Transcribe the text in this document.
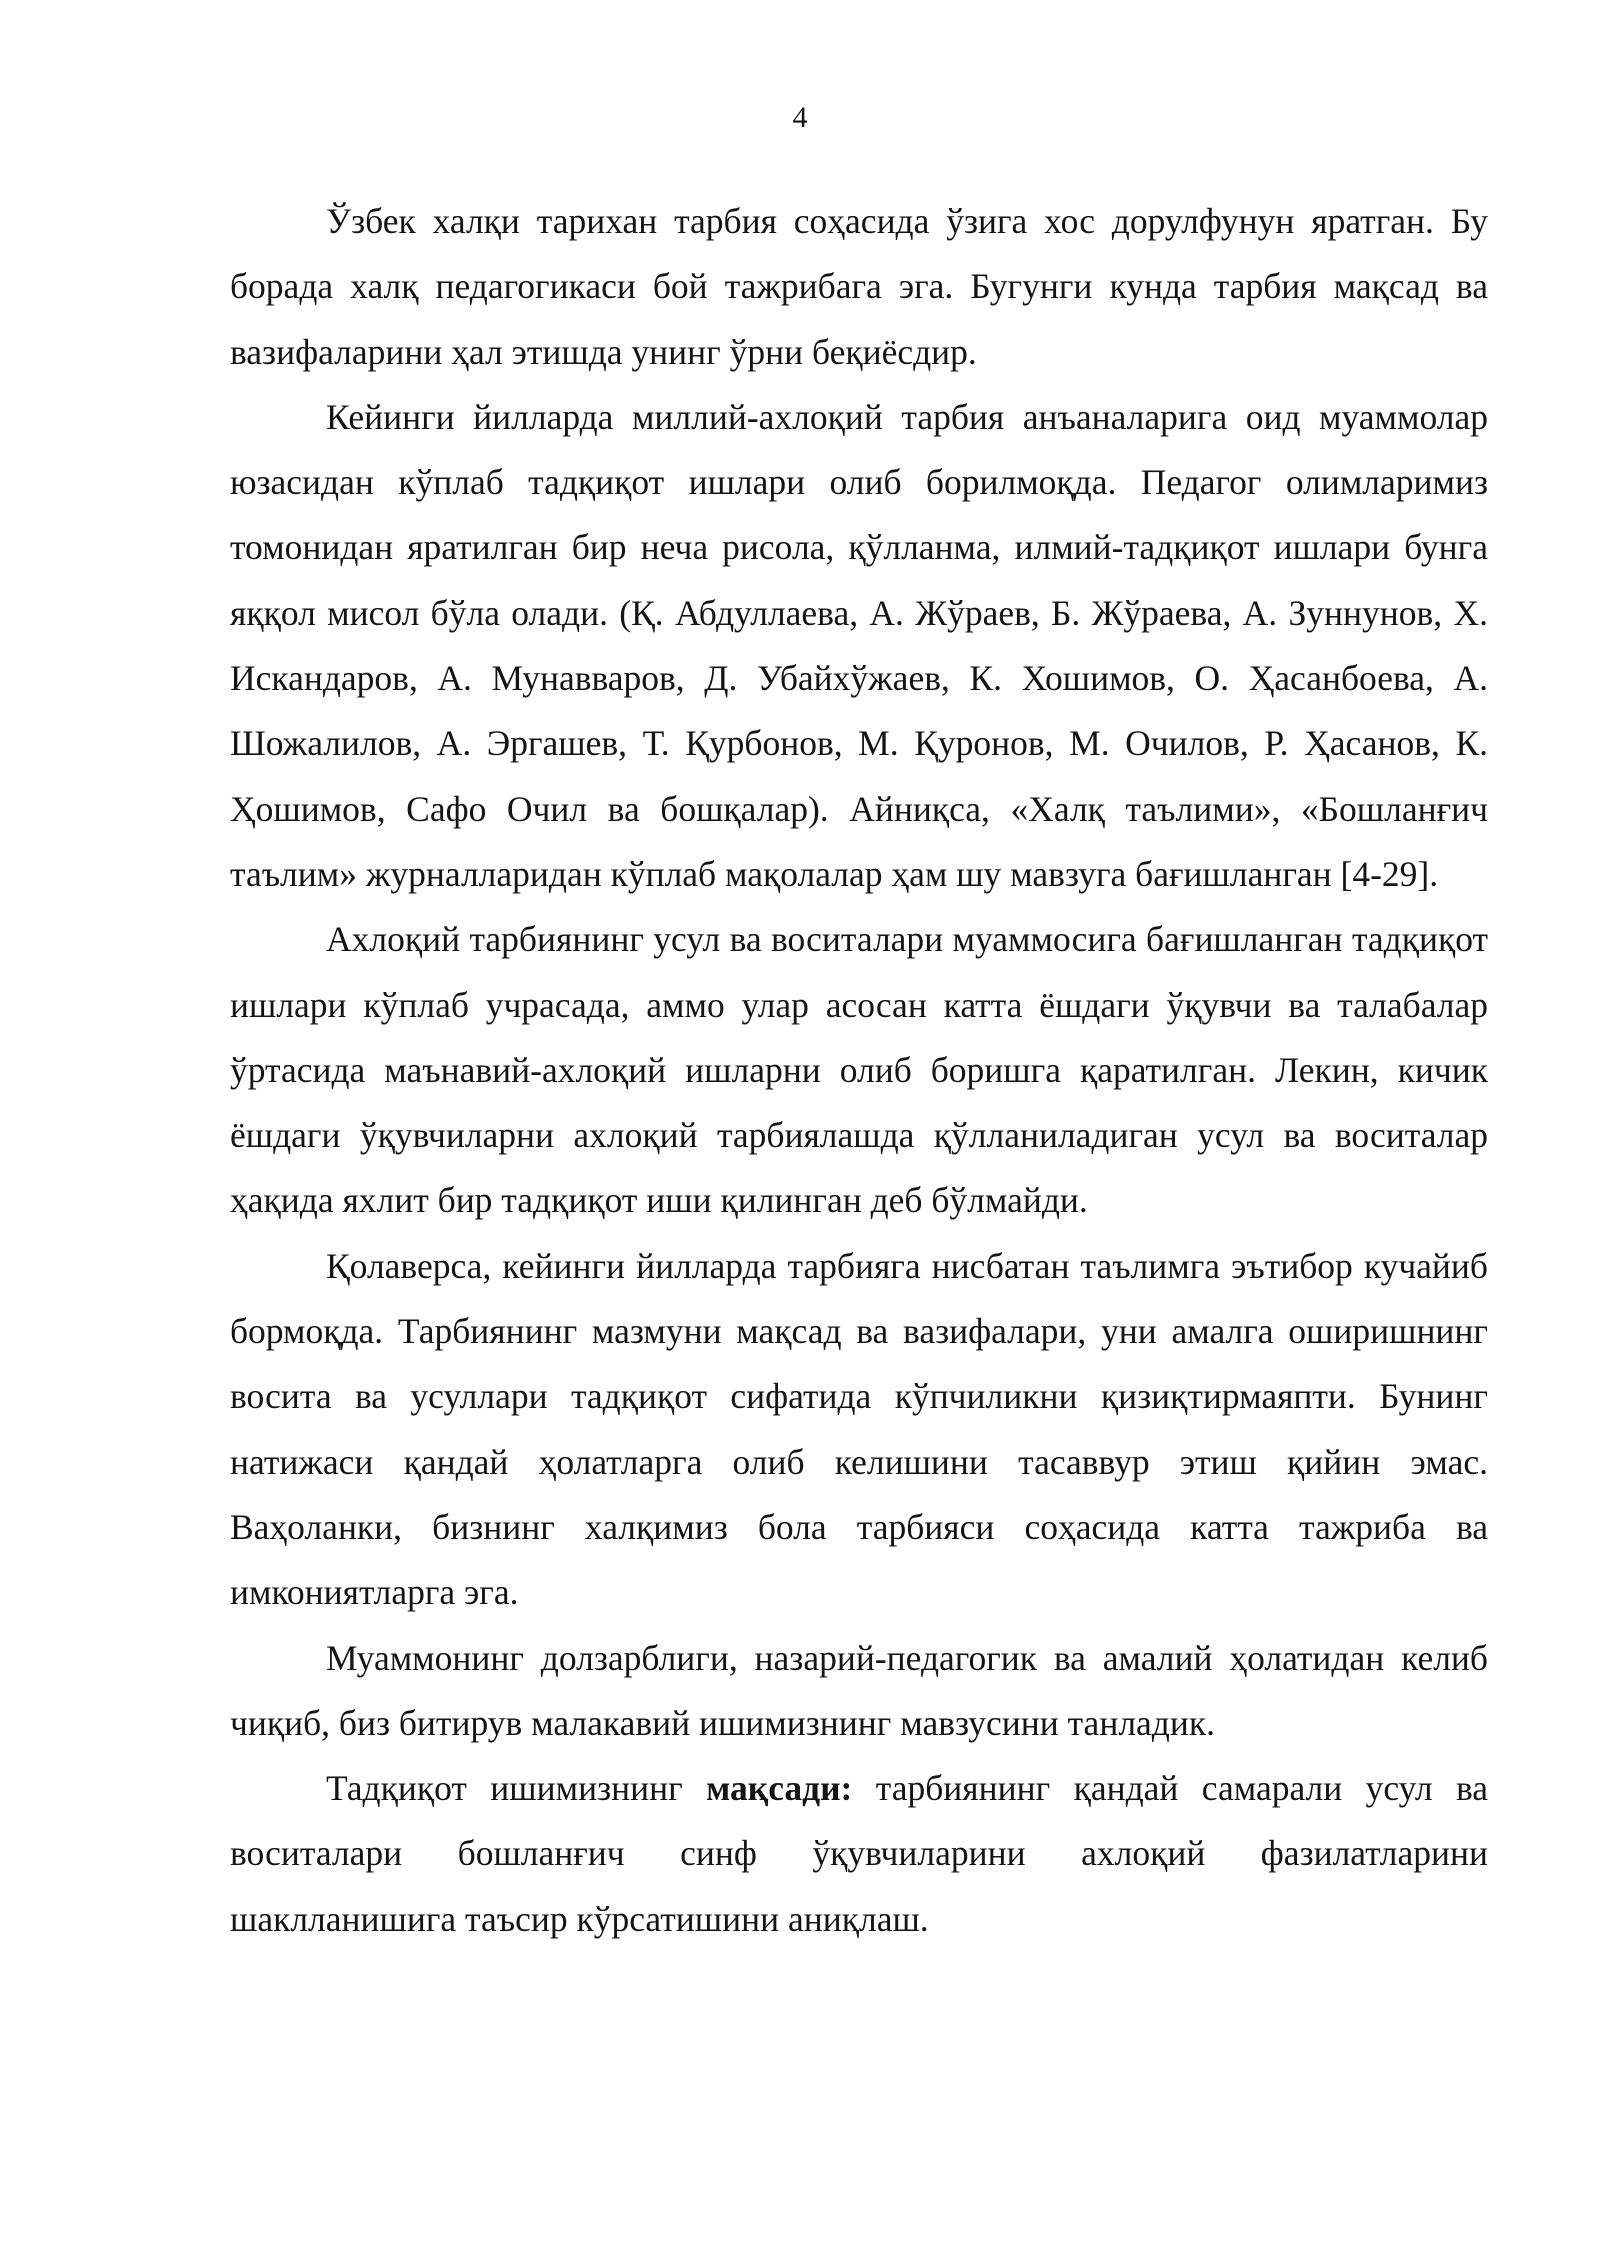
4

Ўзбек халқи тарихан тарбия соҳасида ўзига хос дорулфунун яратган. Бу борада халқ педагогикаси бой тажрибага эга. Бугунги кунда тарбия мақсад ва вазифаларини ҳал этишда унинг ўрни беқиёсдир.

Кейинги йилларда миллий-ахлоқий тарбия анъаналарига оид муаммолар юзасидан кўплаб тадқиқот ишлари олиб борилмоқда. Педагог олимларимиз томонидан яратилган бир неча рисола, қўлланма, илмий-тадқиқот ишлари бунга яққол мисол бўла олади. (Қ. Абдуллаева, А. Жўраев, Б. Жўраева, А. Зуннунов, Х. Искандаров, А. Мунавваров, Д. Убайхўжаев, К. Хошимов, О. Ҳасанбоева, А. Шожалилов, А. Эргашев, Т. Қурбонов, М. Қуронов, М. Очилов, Р. Ҳасанов, К. Ҳошимов, Сафо Очил ва бошқалар). Айниқса, «Халқ таълими», «Бошланғич таълим» журналларидан кўплаб мақолалар ҳам шу мавзуга бағишланган [4-29].

Ахлоқий тарбиянинг усул ва воситалари муаммосига бағишланган тадқиқот ишлари кўплаб учрасада, аммо улар асосан катта ёшдаги ўқувчи ва талабалар ўртасида маънавий-ахлоқий ишларни олиб боришга қаратилган. Лекин, кичик ёшдаги ўқувчиларни ахлоқий тарбиялашда қўлланиладиган усул ва воситалар ҳақида яхлит бир тадқиқот иши қилинган деб бўлмайди.

Қолаверса, кейинги йилларда тарбияга нисбатан таълимга эътибор кучайиб бормоқда. Тарбиянинг мазмуни мақсад ва вазифалари, уни амалга оширишнинг восита ва усуллари тадқиқот сифатида кўпчиликни қизиқтирмаяпти. Бунинг натижаси қандай ҳолатларга олиб келишини тасаввур этиш қийин эмас. Ваҳоланки, бизнинг халқимиз бола тарбияси соҳасида катта тажриба ва имкониятларга эга.

Муаммонинг долзарблиги, назарий-педагогик ва амалий ҳолатидан келиб чиқиб, биз битирув малакавий ишимизнинг мавзусини танладик.

Тадқиқот ишимизнинг мақсади: тарбиянинг қандай самарали усул ва воситалари бошланғич синф ўқувчиларини ахлоқий фазилатларини шаклланишига таъсир кўрсатишини аниқлаш.
